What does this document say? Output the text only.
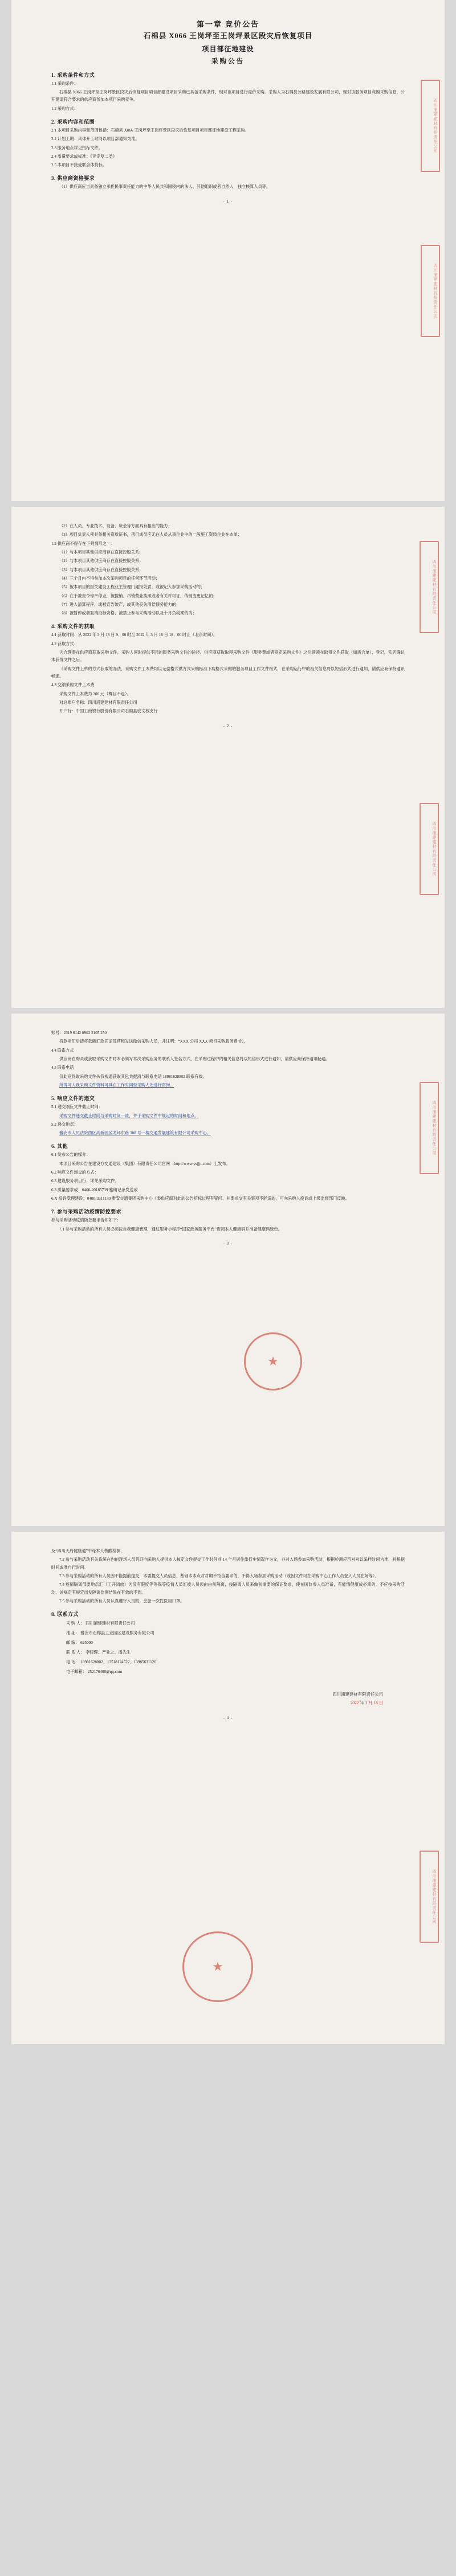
四川浦建建材有限责任公司
四川浦建建材有限责任公司
第一章 竞价公告
石棉县 X066 王岗坪至王岗坪景区段灾后恢复项目
项目部征地建设
采购公告
1. 采购条件和方式

1.1 采购条件：

石棉县 X066 王岗坪至王岗坪景区段灾后恢复项目项目部建设项目采购已具备采购条件，现对该项目进行竞价采购。采购人为石棉县公路建设发展有限公司，现对该服务项目竞购采购信息，公开邀请符合要求的供应商参加本项目采购竞争。

1.2 采购方式：

2. 采购内容和范围

2.1 本项目采购内容和范围包括：石棉县 X066 王岗坪至王岗坪景区段灾后恢复项目项目部征地建设工程采购。

2.2 计划工期：具体开工时间以项目部通知为准。

2.3 服务地点详见招标文件。

2.4 质量要求或标准：《评定复二类》

2.5 本项目不接受联合体投标。

3. 供应商资格要求

（1）供应商应当具备独立承担民事责任能力的中华人民共和国境内的法人、其他组织或者自然人，独立核算人员等。

- 1 -
四川浦建建材有限责任公司
四川浦建建材有限责任公司

（2）在人员、专业技术、设备、资金等方面具有相应的能力；

（3）项目负责人须具备相关资质证书，项目成员应无在人员从事企业中的一般施工资质企业在本单；

1.2 供应商不得存在下列情形之一：

（1）与本项目其他供应商存在直接控股关系；

（2）与本项目其他供应商存在直接控股关系；

（3）与本项目其他供应商存在直接控股关系；

（4）三个月内不得参加本次采购项目的任何环节活动；

（5）被本项目的报关建设工程业主管理门通报处罚，或被记入参加采购活动的；

（6）在于被责令停产停业，被撤销、吊销营业执照或者有关许可证、传销变更记忆的；

（7）进入清算程序，或被宣告破产，或其他丧失清偿债务能力的；

（8）被暂停或者取消投标资格、被禁止参与采购活动以及十月负税期的的；

4. 采购文件的获取

4.1 获取时间：从 2022 年 3 月 18 日 9：00 时至 2022 年 3 月 18 日 18：00 时止（北京时间）。

4.2 获取方式：

为合理潜在供应商获取采购文件，采购人同时提供不同的服务采购文件的途径。供应商获取取得采购文件《服务费或者竞定采购文件》之后须须在取得文件获取（如需合单）、登记，实名确认本获得文件之后。

《采购文件上单的方式获取的办法，采购文件工本费均以无偿格式供方式采购标准下载格式采购的服务项目工作文件格式，在采购运行中的相关信息将以短信形式进行通知，请供应商保持通讯畅通。

4.3 交纳采购文件工本费

采购文件工本费为 200 元（概目不退）。

对总账户名称：四川浦建建材有限责任公司

开户行：中国工商银行股份有限公司石棉县安文校支行

- 2 -
四川浦建建材有限责任公司
★

账号：2319 6142 0902 2105 250

将款项汇后请将款额汇款凭证及营和发送微信采购人员，并注明：“XXX 公司 XXX 项目采购服务费”的，

4.4 联系方式

供应商在购买或获取采购文件时本必须写本次采购业务的联系人签名方式，在采购过程中的相关信息将以短信形式进行通知，请供应商保持通讯畅通。

4.5 联系电话

仅此竞得取采购文件头我视通获取其包共提清与联系电话 18981628802 联系有效。

所得可人我采购文件资料可具在工作时间至采购人处进行咨询。

5. 响应文件的递交

5.1 递交响应文件截止时间：

采购文件递交截止时间与采购时间一致，并于采购文件中规定的时间和地点。

5.2 递交地点：

雅安市人民法院西区高新园区龙环东路 308 号一楼交通发展建筑有限公司采购中心。

6. 其他

6.1 发布公告的媒介：

本项目采购公告在建设方交通建设（集团）有限责任公司官网（http://www.ysjjjt.com）上发布。

6.2 响应文件递交的方式：

6.3 建设服务项目行：详见采购文件。

6.3 质量要求或：0400-20185739 雅朗记录发送或

6.X 投诉受理建设：0400-3311130 雅安交通集团采购中心《委供应商对此的公告招标过程有疑问、并要求交有关事项不能适的，可向采购人投诉或上级监督部门反映。

7. 参与采购活动疫情防控要求

参与采购活动疫情防控要求告知如下：

7.1 参与采购活动的所有人员必须按自我健康管理，通过服务小程序“国家政务服务平台”查阅本人健康码并准备健康码绿色。

- 3 -
四川浦建建材有限责任公司

及“四川天府健康通”中绿本人核酸检测，

7.2 参与采购活动有关系统在内的现场人员凭证向采购人提供本人核定文件提交工作时间前 14 个月居住旅行史情况作为文，并对入场参加采购活动，根据检测应否对对以采样时间为准，并根据时间或准自行时间。

7.3 参与采购活动的所有人员因不能提前提交、本要提交人员信息、基础本本点对对期不符合要求的，不得入场参加采购活动（或因文件可在采购中心工作人员登入人员在场等）。

7.4 疫情隔离部要地点汇（工开闭放）为没有限度等等保等疫情人员汇被人员须由由前隔离，按隔离人员来做前重要的保证要求，使在国监参人员准备，有能情健康成必须的，不应按采购活动、该规定有规定出发隔离监测结果在有效的不到。

7.5 参与采购活动的所有人员认真遵守入员的，会备一次性医用口罩。

8. 联系方式
采 购 人： 四川浦建建材有限责任公司
地 址： 雅安市石棉县工业园区建设服务有限公司
邮 编： 625000
联 系 人： 李经理、产业之、潘先生
电 话： 18981628802、13518124522、13985631126
电子邮箱： 252176400@qq.com
★
四川浦建建材有限责任公司
2022 年 3 月 18 日
- 4 -
